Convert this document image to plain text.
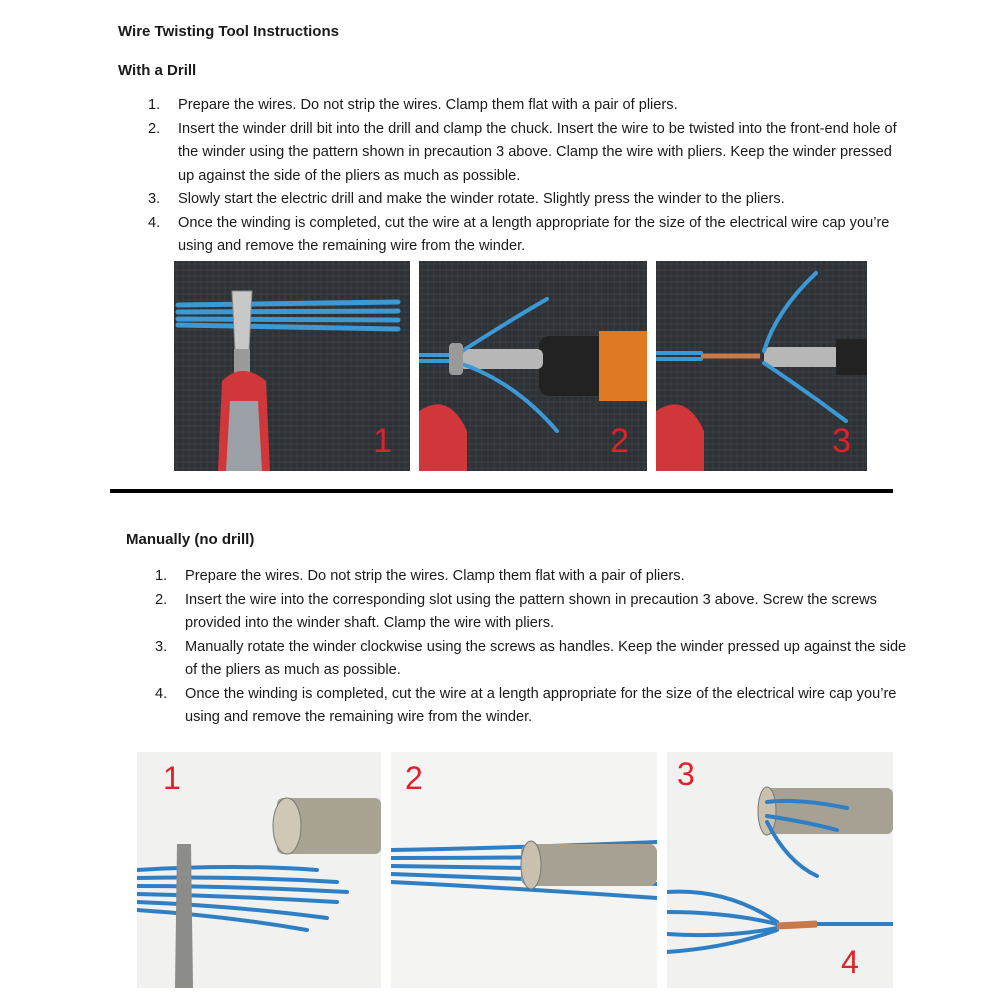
Wire Twisting Tool Instructions
With a Drill
1. Prepare the wires. Do not strip the wires. Clamp them flat with a pair of pliers.
2. Insert the winder drill bit into the drill and clamp the chuck. Insert the wire to be twisted into the front-end hole of the winder using the pattern shown in precaution 3 above. Clamp the wire with pliers. Keep the winder pressed up against the side of the pliers as much as possible.
3. Slowly start the electric drill and make the winder rotate. Slightly press the winder to the pliers.
4. Once the winding is completed, cut the wire at a length appropriate for the size of the electrical wire cap you’re using and remove the remaining wire from the winder.
1	2	3
Manually (no drill)
1. Prepare the wires. Do not strip the wires. Clamp them flat with a pair of pliers.
2. Insert the wire into the corresponding slot using the pattern shown in precaution 3 above. Screw the screws provided into the winder shaft. Clamp the wire with pliers.
3. Manually rotate the winder clockwise using the screws as handles. Keep the winder pressed up against the side of the pliers as much as possible.
4. Once the winding is completed, cut the wire at a length appropriate for the size of the electrical wire cap you’re using and remove the remaining wire from the winder.
1	2	3
4
